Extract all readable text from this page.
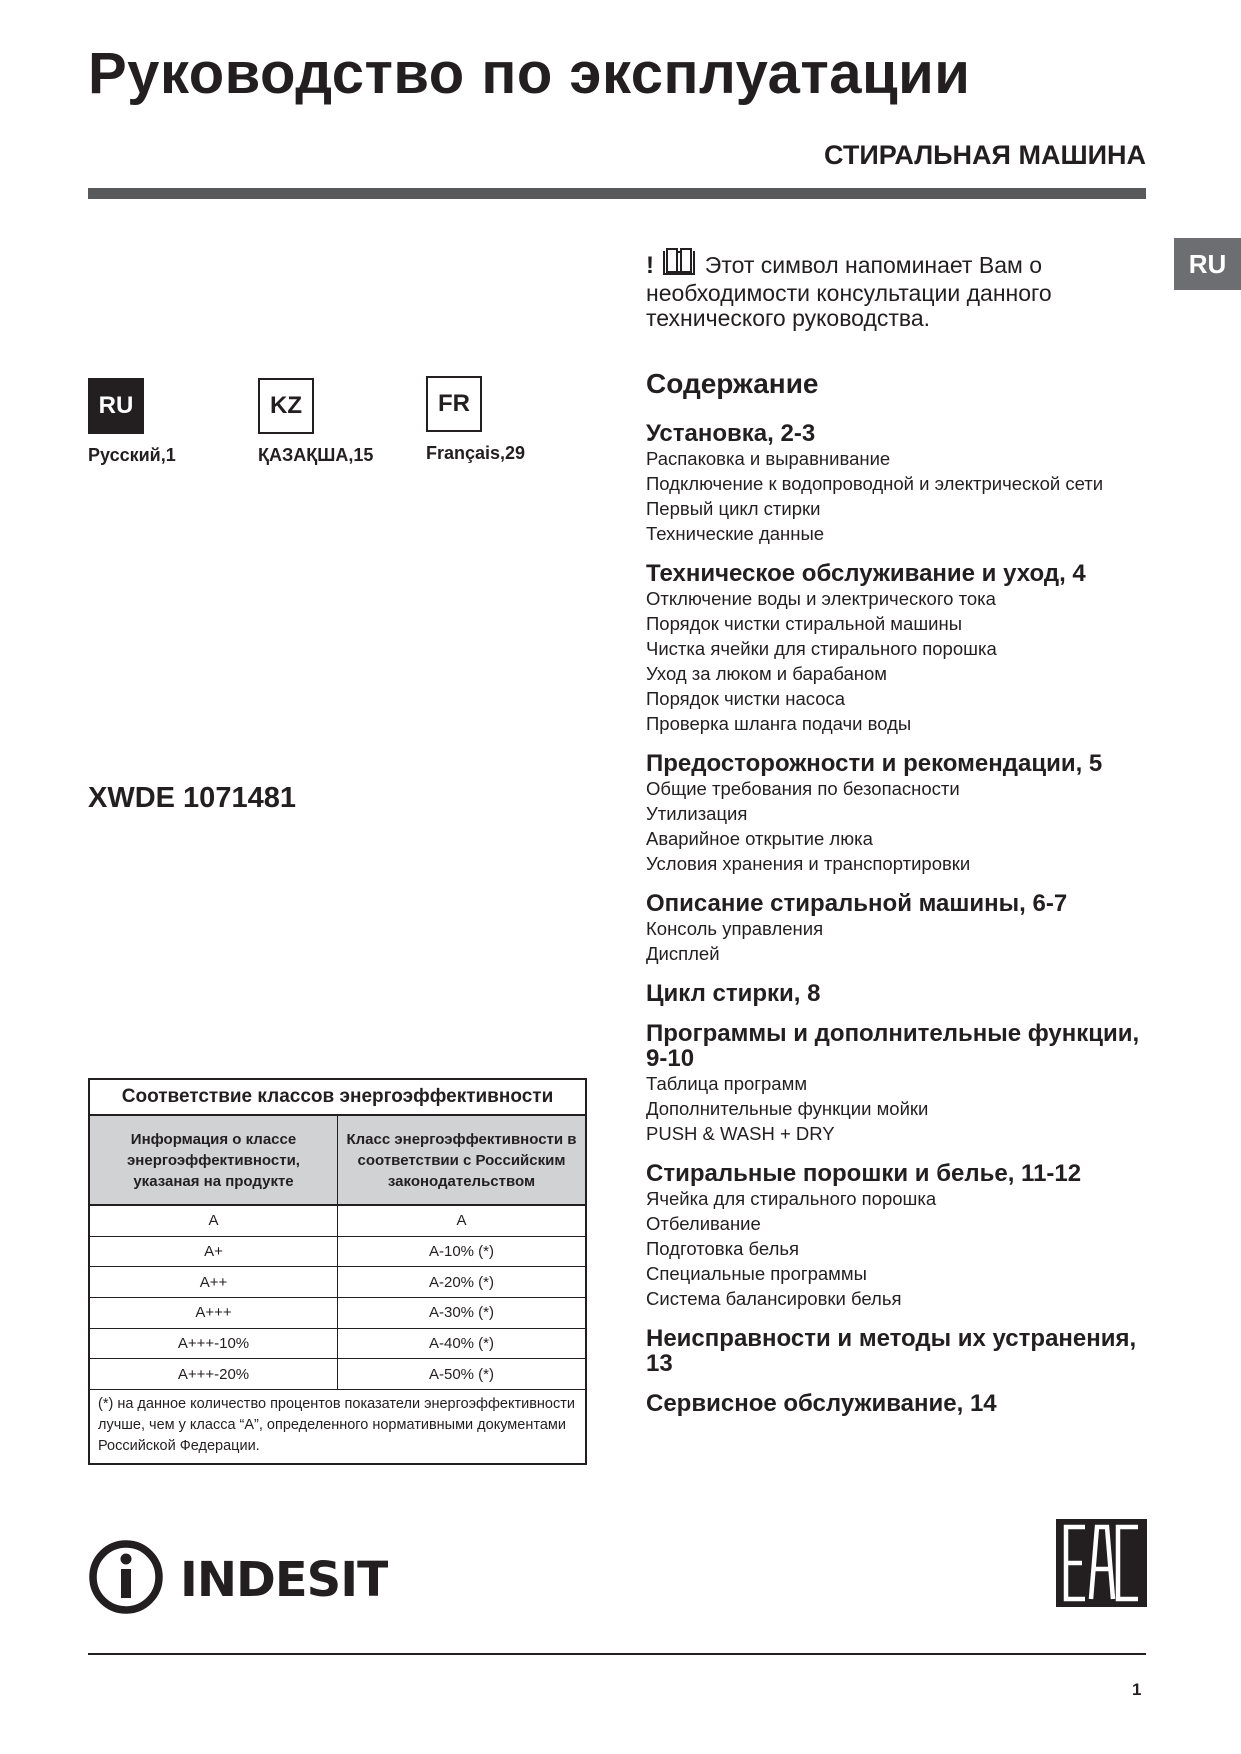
Руководство по эксплуатации
СТИРАЛЬНАЯ МАШИНА
RU
! Этот символ напоминает Вам о необходимости консультации данного технического руководства.
RU
Русский,1
KZ
ҚАЗАҚША,15
FR
Français,29
XWDE 1071481
Содержание
Установка, 2-3
Распаковка и выравнивание
Подключение к водопроводной и электрической сети
Первый цикл стирки
Технические данные
Техническое обслуживание и уход, 4
Отключение воды и электрического тока
Порядок чистки стиральной машины
Чистка ячейки для стирального порошка
Уход за люком и барабаном
Порядок чистки насоса
Проверка шланга подачи воды
Предосторожности и рекомендации, 5
Общие требования по безопасности
Утилизация
Аварийное открытие люка
Условия хранения и транспортировки
Описание стиральной машины, 6-7
Консоль управления
Дисплей
Цикл стирки, 8
Программы и дополнительные функции, 9-10
Таблица программ
Дополнительные функции мойки
PUSH & WASH + DRY
Стиральные порошки и белье, 11-12
Ячейка для стирального порошка
Отбеливание
Подготовка белья
Специальные программы
Система балансировки белья
Неисправности и методы их устранения, 13
Сервисное обслуживание, 14
Соответствие классов энергоэффективности
Информация о классе энергоэффективности, указаная на продукте
Класс энергоэффективности в соответствии с Российским законодательством
A	A
A+	A-10% (*)
A++	A-20% (*)
A+++	A-30% (*)
A+++-10%	A-40% (*)
A+++-20%	A-50% (*)
(*) на данное количество процентов показатели энергоэффективности лучше, чем у класса “А”, определенного нормативными документами Российской Федерации.
INDESIT
1
